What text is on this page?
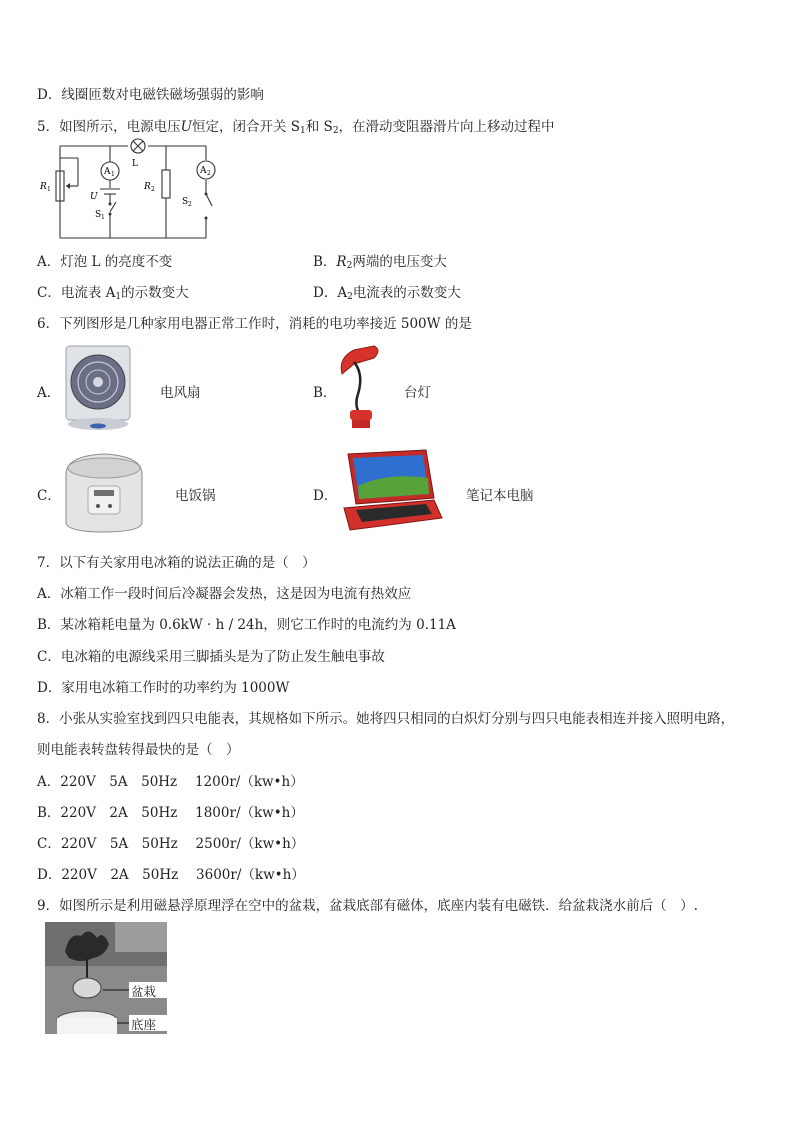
D．线圈匝数对电磁铁磁场强弱的影响
5．如图所示，电源电压U恒定，闭合开关 $S_1$和 $S_2$，在滑动变阻器滑片向上移动过程中
A 1	A 2
L
U
R 1	R 2
S 1
S 2
A．灯泡 L 的亮度不变	B．$R_2$两端的电压变大
C．电流表 $A_1$的示数变大	D．$A_2$电流表的示数变大
6．下列图形是几种家用电器正常工作时，消耗的电功率接近 500W 的是
A．	电风扇	B．	台灯
C．	电饭锅	D．	笔记本电脑
7．以下有关家用电冰箱的说法正确的是（　）
A．冰箱工作一段时间后冷凝器会发热，这是因为电流有热效应
B．某冰箱耗电量为 0.6kW · h / 24h，则它工作时的电流约为 0.11A
C．电冰箱的电源线采用三脚插头是为了防止发生触电事故
D．家用电冰箱工作时的功率约为 1000W
8．小张从实验室找到四只电能表，其规格如下所示。她将四只相同的白炽灯分别与四只电能表相连并接入照明电路，
则电能表转盘转得最快的是（　）
A．220V　5A　50Hz　 1200r/（kw•h）
B．220V　2A　50Hz　 1800r/（kw•h）
C．220V　5A　50Hz　 2500r/（kw•h）
D．220V　2A　50Hz　 3600r/（kw•h）
9．如图所示是利用磁悬浮原理浮在空中的盆栽，盆栽底部有磁体，底座内装有电磁铁．给盆栽浇水前后（　）.
盆栽
底座
